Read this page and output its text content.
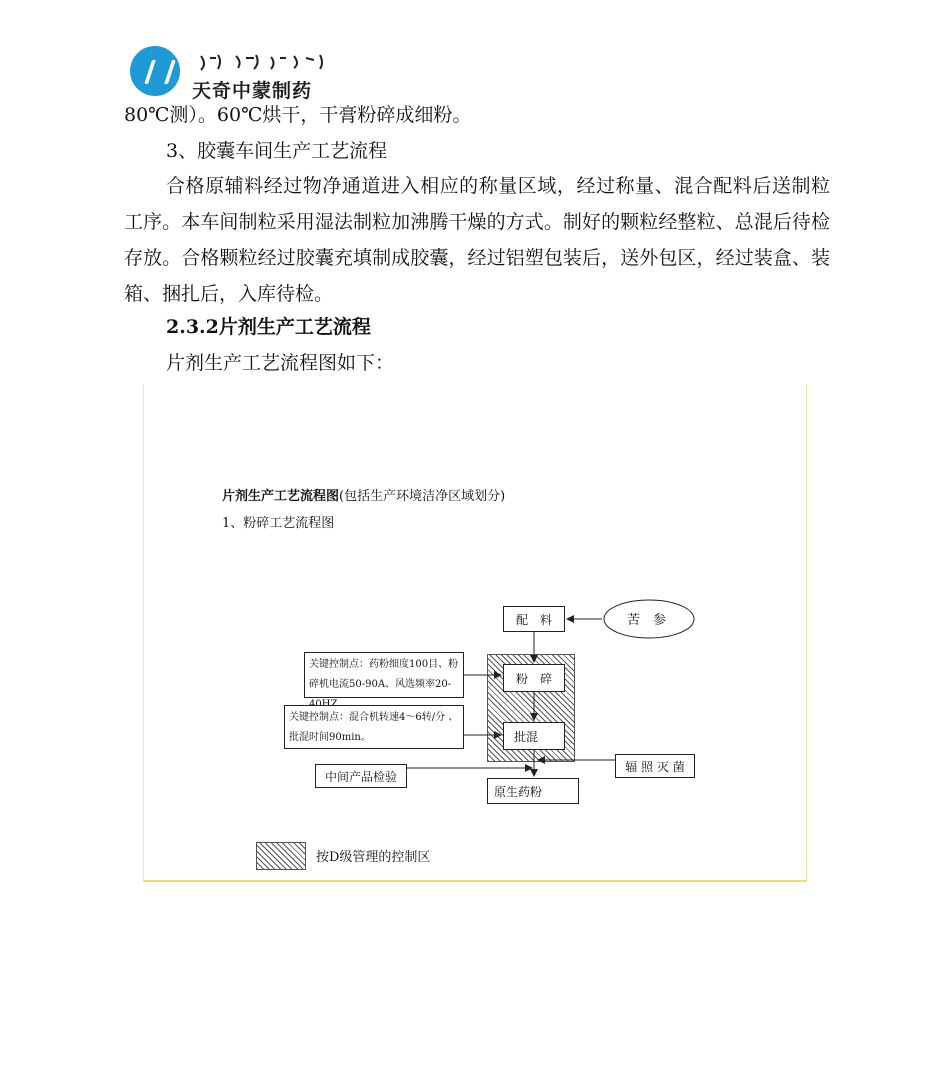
天奇中蒙制药
80℃测）。60℃烘干，干膏粉碎成细粉。
3、胶囊车间生产工艺流程
合格原辅料经过物净通道进入相应的称量区域，经过称量、混合配料后送制粒工序。本车间制粒采用湿法制粒加沸腾干燥的方式。制好的颗粒经整粒、总混后待检存放。合格颗粒经过胶囊充填制成胶囊，经过铝塑包装后，送外包区，经过装盒、装箱、捆扎后，入库待检。
2.3.2片剂生产工艺流程
片剂生产工艺流程图如下：
片剂生产工艺流程图(包括生产环境洁净区域划分)
1、粉碎工艺流程图
配　料	苦　参
粉　碎
批混
关键控制点：药粉细度100目、粉碎机电流50-90A、风选频率20-
关键控制点：混合机转速4～6转/分 、批混时间90min。
辐 照 灭 菌
中间产品检验
原生药粉
按D级管理的控制区
